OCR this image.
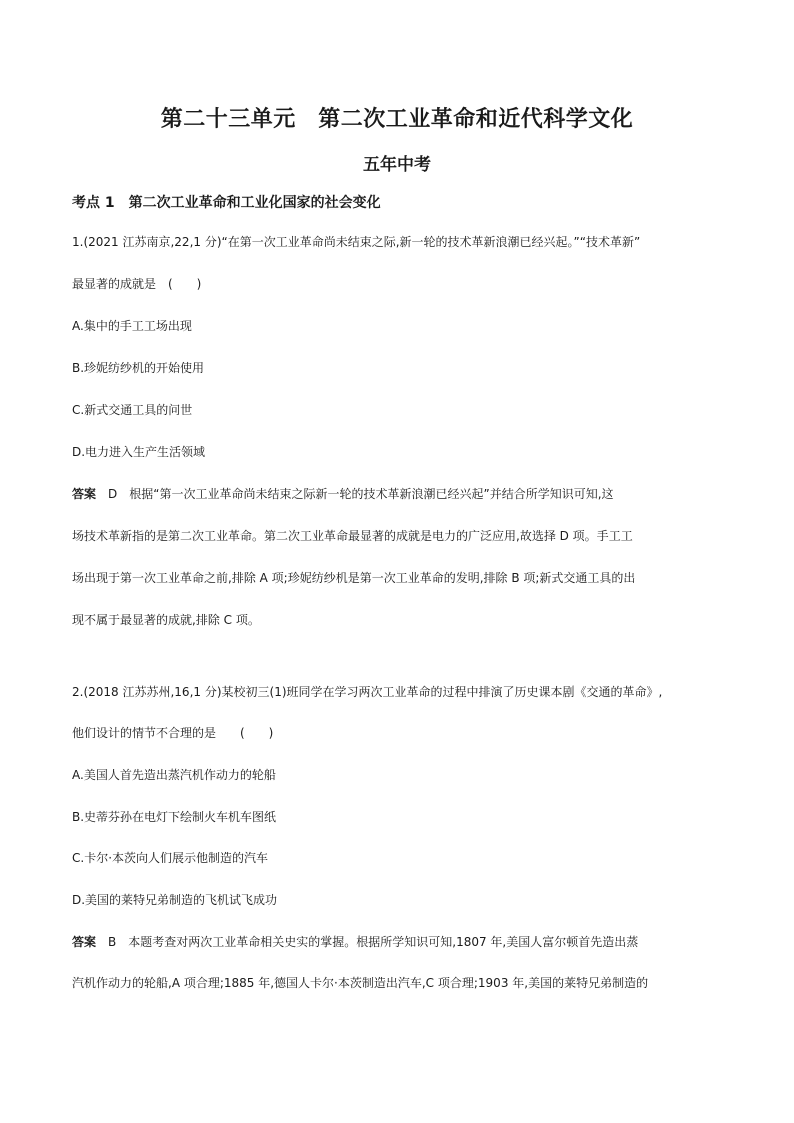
第二十三单元　第二次工业革命和近代科学文化
五年中考
考点 1　第二次工业革命和工业化国家的社会变化
1.(2021 江苏南京,22,1 分)“在第一次工业革命尚未结束之际,新一轮的技术革新浪潮已经兴起。”“技术革新”
最显著的成就是　(　　)
A.集中的手工工场出现
B.珍妮纺纱机的开始使用
C.新式交通工具的问世
D.电力进入生产生活领域
答案　D　根据“第一次工业革命尚未结束之际新一轮的技术革新浪潮已经兴起”并结合所学知识可知,这
场技术革新指的是第二次工业革命。第二次工业革命最显著的成就是电力的广泛应用,故选择 D 项。手工工
场出现于第一次工业革命之前,排除 A 项;珍妮纺纱机是第一次工业革命的发明,排除 B 项;新式交通工具的出
现不属于最显著的成就,排除 C 项。
2.(2018 江苏苏州,16,1 分)某校初三(1)班同学在学习两次工业革命的过程中排演了历史课本剧《交通的革命》,
他们设计的情节不合理的是　　(　　)
A.美国人首先造出蒸汽机作动力的轮船
B.史蒂芬孙在电灯下绘制火车机车图纸
C.卡尔·本茨向人们展示他制造的汽车
D.美国的莱特兄弟制造的飞机试飞成功
答案　B　本题考查对两次工业革命相关史实的掌握。根据所学知识可知,1807 年,美国人富尔顿首先造出蒸
汽机作动力的轮船,A 项合理;1885 年,德国人卡尔·本茨制造出汽车,C 项合理;1903 年,美国的莱特兄弟制造的
